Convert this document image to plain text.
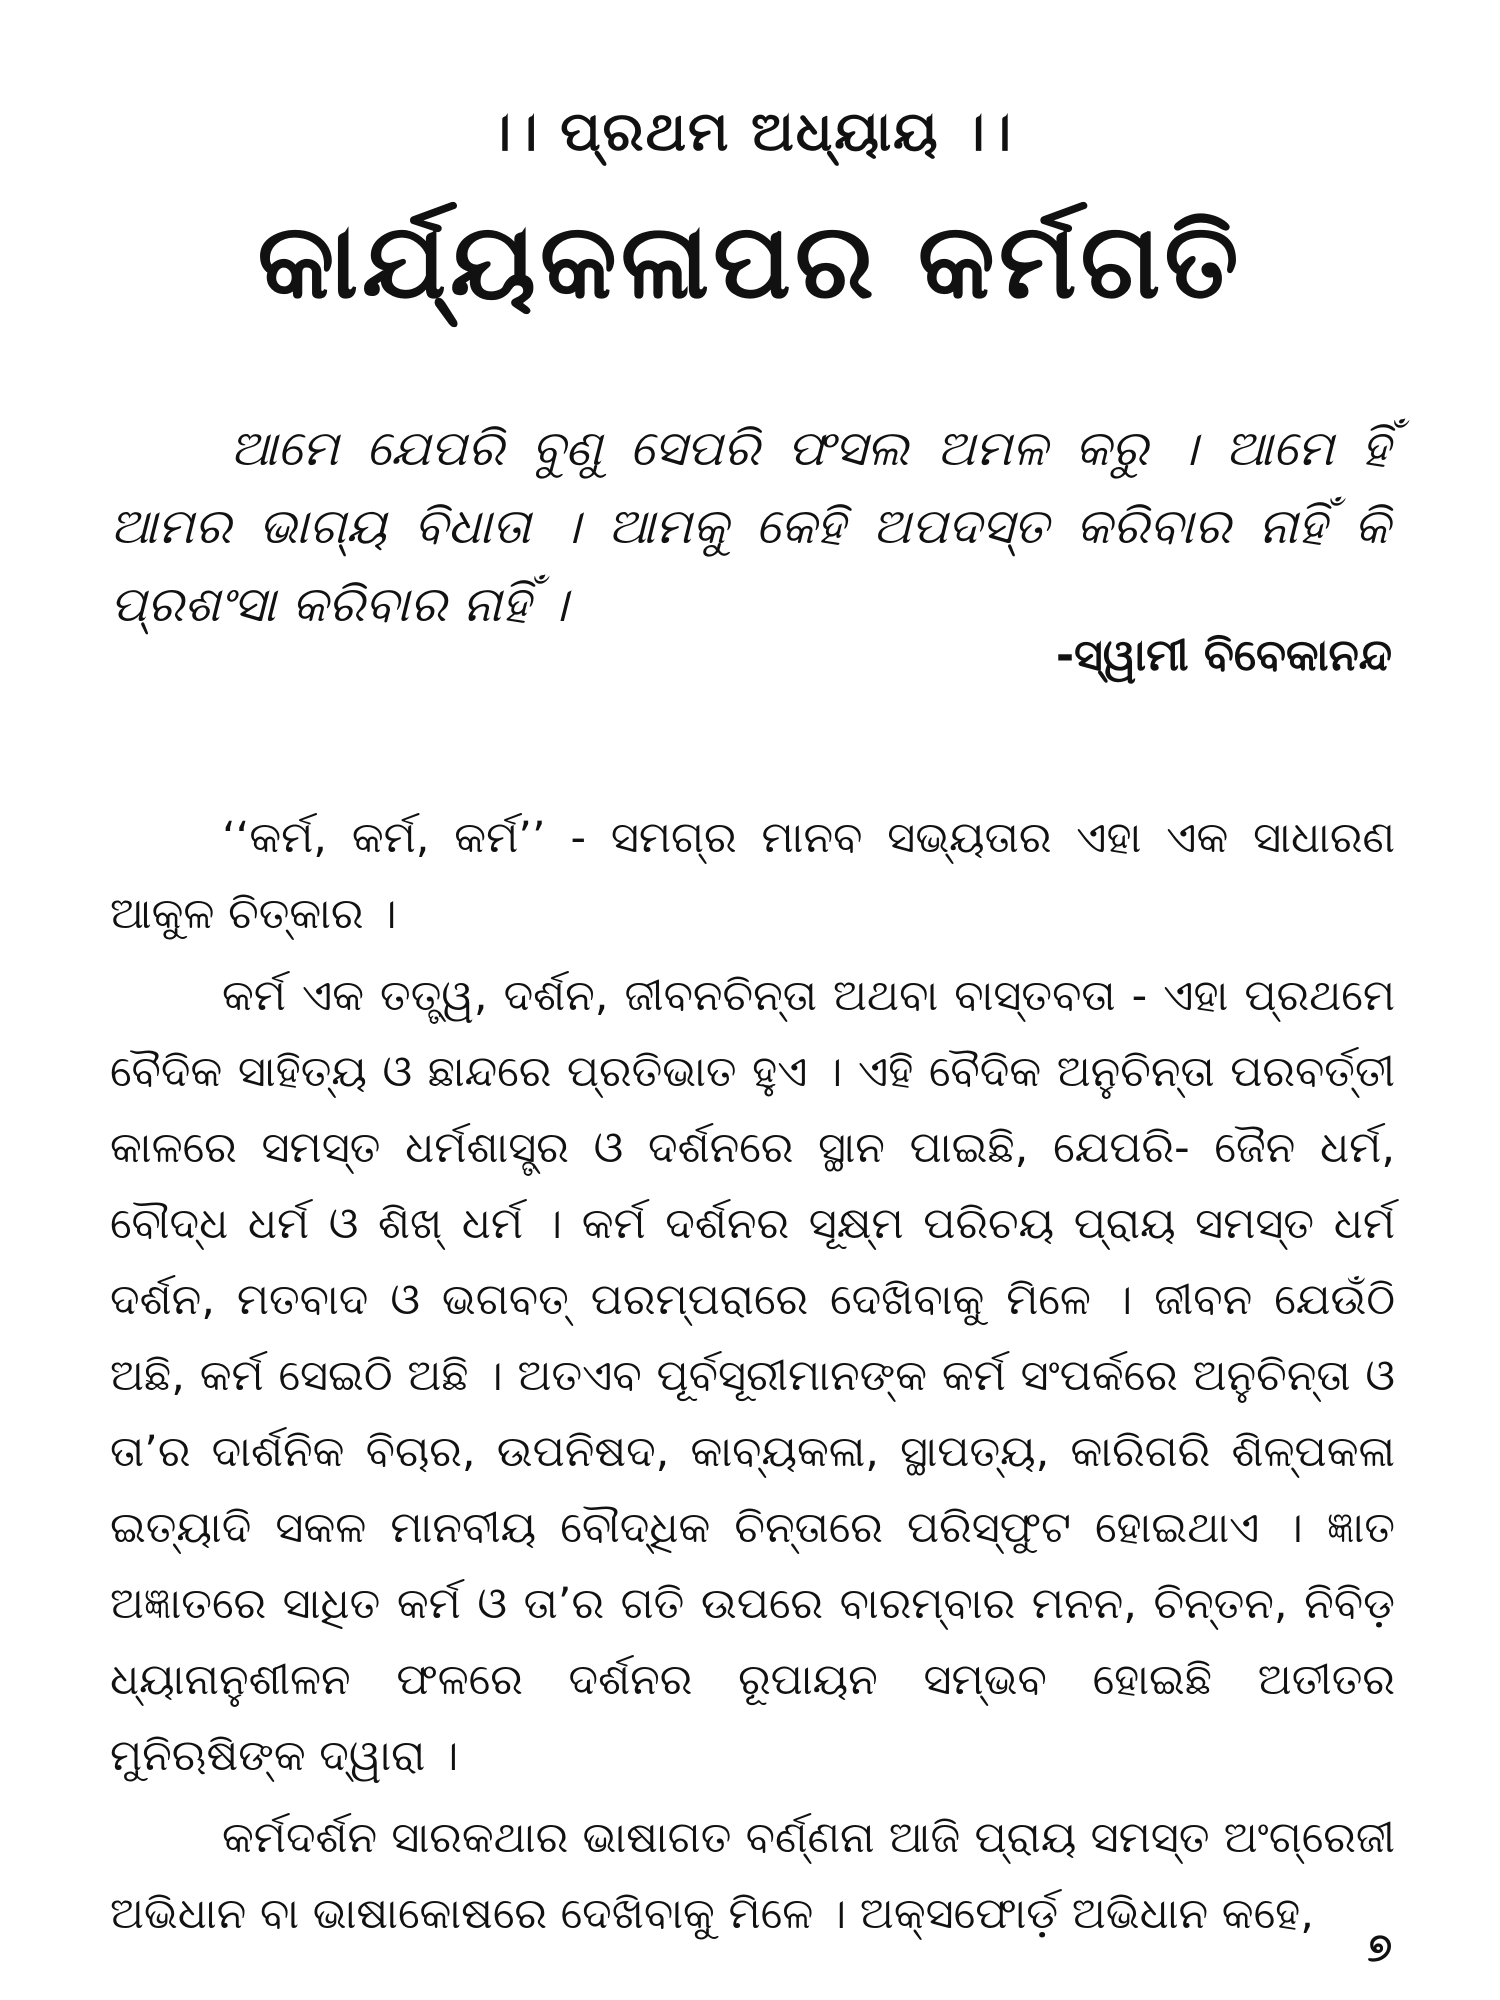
।। ପ୍ରଥମ ଅଧ୍ୟାୟ ।।
କାର୍ଯ୍ୟକଳାପର କର୍ମଗତି
ଆମେ ଯେପରି ବୁଣୁ ସେପରି ଫସଲ ଅମଳ କରୁ । ଆମେ ହିଁ ଆମର ଭାଗ୍ୟ ବିଧାତା । ଆମକୁ କେହି ଅପଦସ୍ତ କରିବାର ନାହିଁ କି ପ୍ରଶଂସା କରିବାର ନାହିଁ ।
-ସ୍ୱାମୀ ବିବେକାନନ୍ଦ

‘‘କର୍ମ, କର୍ମ, କର୍ମ’’ - ସମଗ୍ର ମାନବ ସଭ୍ୟତାର ଏହା ଏକ ସାଧାରଣ ଆକୁଳ ଚିତ୍କାର ।

କର୍ମ ଏକ ତତ୍ତ୍ୱ, ଦର୍ଶନ, ଜୀବନଚିନ୍ତା ଅଥବା ବାସ୍ତବତା - ଏହା ପ୍ରଥମେ ବୈଦିକ ସାହିତ୍ୟ ଓ ଛାନ୍ଦରେ ପ୍ରତିଭାତ ହୁଏ । ଏହି ବୈଦିକ ଅନୁଚିନ୍ତା ପରବର୍ତ୍ତୀ କାଳରେ ସମସ୍ତ ଧର୍ମଶାସ୍ତ୍ର ଓ ଦର୍ଶନରେ ସ୍ଥାନ ପାଇଛି, ଯେପରି- ଜୈନ ଧର୍ମ, ବୌଦ୍ଧ ଧର୍ମ ଓ ଶିଖ୍ ଧର୍ମ । କର୍ମ ଦର୍ଶନର ସୂକ୍ଷ୍ମ ପରିଚୟ ପ୍ରାୟ ସମସ୍ତ ଧର୍ମ ଦର୍ଶନ, ମତବାଦ ଓ ଭଗବତ୍ ପରମ୍ପରାରେ ଦେଖିବାକୁ ମିଳେ । ଜୀବନ ଯେଉଁଠି ଅଛି, କର୍ମ ସେଇଠି ଅଛି । ଅତଏବ ପୂର୍ବସୂରୀମାନଙ୍କ କର୍ମ ସଂପର୍କରେ ଅନୁଚିନ୍ତା ଓ ତା’ର ଦାର୍ଶନିକ ବିଚାର, ଉପନିଷଦ, କାବ୍ୟକଳା, ସ୍ଥାପତ୍ୟ, କାରିଗରି ଶିଳ୍ପକଳା ଇତ୍ୟାଦି ସକଳ ମାନବୀୟ ବୌଦ୍ଧିକ ଚିନ୍ତାରେ ପରିସ୍ଫୁଟ ହୋଇଥାଏ । ଜ୍ଞାତ ଅଜ୍ଞାତରେ ସାଧିତ କର୍ମ ଓ ତା’ର ଗତି ଉପରେ ବାରମ୍ବାର ମନନ, ଚିନ୍ତନ, ନିବିଡ଼ ଧ୍ୟାନାନୁଶୀଳନ ଫଳରେ ଦର୍ଶନର ରୂପାୟନ ସମ୍ଭବ ହୋଇଛି ଅତୀତର ମୁନିଋଷିଙ୍କ ଦ୍ୱାରା ।

କର୍ମଦର୍ଶନ ସାରକଥାର ଭାଷାଗତ ବର୍ଣ୍ଣନା ଆଜି ପ୍ରାୟ ସମସ୍ତ ଅଂଗ୍ରେଜୀ ଅଭିଧାନ ବା ଭାଷାକୋଷରେ ଦେଖିବାକୁ ମିଳେ । ଅକ୍ସଫୋର୍ଡ଼ ଅଭିଧାନ କହେ,

୭
